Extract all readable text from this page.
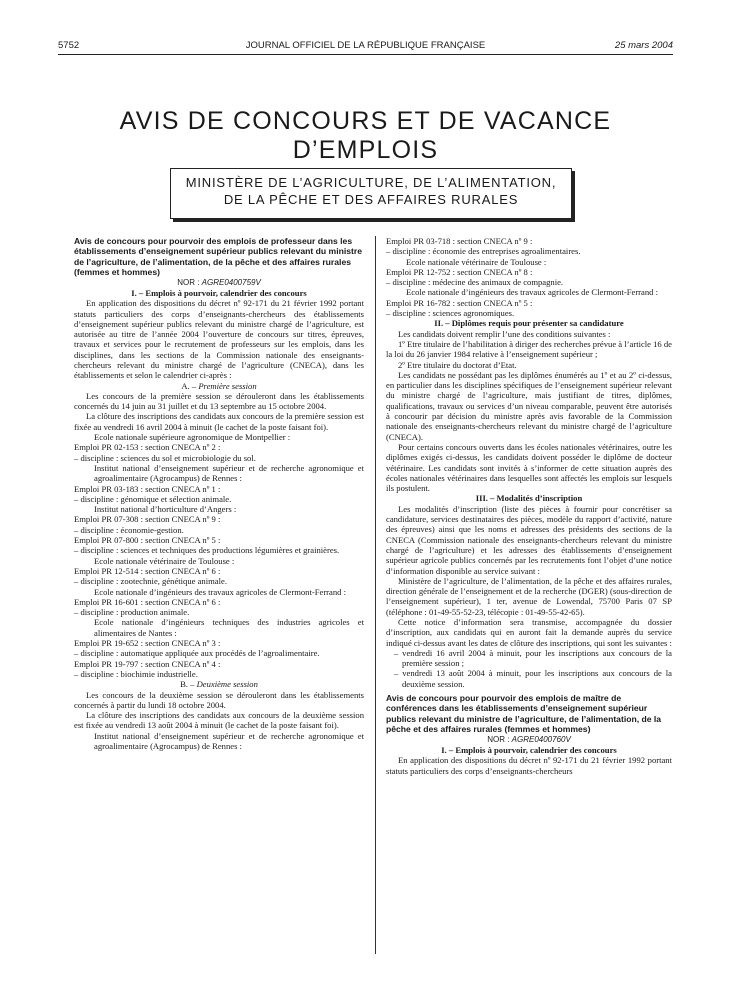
5752	JOURNAL OFFICIEL DE LA RÉPUBLIQUE FRANÇAISE	25 mars 2004
AVIS DE CONCOURS ET DE VACANCE D’EMPLOIS
MINISTÈRE DE L’AGRICULTURE, DE L’ALIMENTATION,
DE LA PÊCHE ET DES AFFAIRES RURALES

Avis de concours pour pourvoir des emplois de professeur dans les établissements d’enseignement supérieur publics relevant du ministre de l’agriculture, de l’alimentation, de la pêche et des affaires rurales (femmes et hommes)

NOR : AGRE0400759V

I. – Emplois à pourvoir, calendrier des concours

En application des dispositions du décret nº 92-171 du 21 février 1992 portant statuts particuliers des corps d’enseignants-chercheurs des établissements d’enseignement supérieur publics relevant du ministre chargé de l’agriculture, est autorisée au titre de l’année 2004 l’ouverture de concours sur titres, épreuves, travaux et services pour le recrutement de professeurs sur les emplois, dans les disciplines, dans les sections de la Commission nationale des enseignants-chercheurs relevant du ministre chargé de l’agriculture (CNECA), dans les établissements et selon le calendrier ci-après :

A. – Première session

Les concours de la première session se dérouleront dans les établissements concernés du 14 juin au 31 juillet et du 13 septembre au 15 octobre 2004.

La clôture des inscriptions des candidats aux concours de la première session est fixée au vendredi 16 avril 2004 à minuit (le cachet de la poste faisant foi).

Ecole nationale supérieure agronomique de Montpellier :

Emploi PR 02-153 : section CNECA nº 2 :

– discipline : sciences du sol et microbiologie du sol.

Institut national d’enseignement supérieur et de recherche agronomique et agroalimentaire (Agrocampus) de Rennes :

Emploi PR 03-183 : section CNECA nº 1 :

– discipline : génomique et sélection animale.

Institut national d’horticulture d’Angers :

Emploi PR 07-308 : section CNECA nº 9 :

– discipline : économie-gestion.

Emploi PR 07-800 : section CNECA nº 5 :

– discipline : sciences et techniques des productions légumières et grainières.

Ecole nationale vétérinaire de Toulouse :

Emploi PR 12-514 : section CNECA nº 6 :

– discipline : zootechnie, génétique animale.

Ecole nationale d’ingénieurs des travaux agricoles de Clermont-Ferrand :

Emploi PR 16-601 : section CNECA nº 6 :

– discipline : production animale.

Ecole nationale d’ingénieurs techniques des industries agricoles et alimentaires de Nantes :

Emploi PR 19-652 : section CNECA nº 3 :

– discipline : automatique appliquée aux procédés de l’agroalimentaire.

Emploi PR 19-797 : section CNECA nº 4 :

– discipline : biochimie industrielle.

B. – Deuxième session

Les concours de la deuxième session se dérouleront dans les établissements concernés à partir du lundi 18 octobre 2004.

La clôture des inscriptions des candidats aux concours de la deuxième session est fixée au vendredi 13 août 2004 à minuit (le cachet de la poste faisant foi).

Institut national d’enseignement supérieur et de recherche agronomique et agroalimentaire (Agrocampus) de Rennes :

Emploi PR 03-718 : section CNECA nº 9 :

– discipline : économie des entreprises agroalimentaires.

Ecole nationale vétérinaire de Toulouse :

Emploi PR 12-752 : section CNECA nº 8 :

– discipline : médecine des animaux de compagnie.

Ecole nationale d’ingénieurs des travaux agricoles de Clermont-Ferrand :

Emploi PR 16-782 : section CNECA nº 5 :

– discipline : sciences agronomiques.

II. – Diplômes requis pour présenter sa candidature

Les candidats doivent remplir l’une des conditions suivantes :

1º Etre titulaire de l’habilitation à diriger des recherches prévue à l’article 16 de la loi du 26 janvier 1984 relative à l’enseignement supérieur ;

2º Etre titulaire du doctorat d’Etat.

Les candidats ne possédant pas les diplômes énumérés au 1º et au 2º ci-dessus, en particulier dans les disciplines spécifiques de l’enseignement supérieur relevant du ministre chargé de l’agriculture, mais justifiant de titres, diplômes, qualifications, travaux ou services d’un niveau comparable, peuvent être autorisés à concourir par décision du ministre après avis favorable de la Commission nationale des enseignants-chercheurs relevant du ministre chargé de l’agriculture (CNECA).

Pour certains concours ouverts dans les écoles nationales vétérinaires, outre les diplômes exigés ci-dessus, les candidats doivent posséder le diplôme de docteur vétérinaire. Les candidats sont invités à s’informer de cette situation auprès des écoles nationales vétérinaires dans lesquelles sont affectés les emplois sur lesquels ils postulent.

III. – Modalités d’inscription

Les modalités d’inscription (liste des pièces à fournir pour concrétiser sa candidature, services destinataires des pièces, modèle du rapport d’activité, nature des épreuves) ainsi que les noms et adresses des présidents des sections de la CNECA (Commission nationale des enseignants-chercheurs relevant du ministre chargé de l’agriculture) et les adresses des établissements d’enseignement supérieur agricole publics concernés par les recrutements font l’objet d’une notice d’information disponible au service suivant :

Ministère de l’agriculture, de l’alimentation, de la pêche et des affaires rurales, direction générale de l’enseignement et de la recherche (DGER) (sous-direction de l’enseignement supérieur), 1 ter, avenue de Lowendal, 75700 Paris 07 SP (téléphone : 01-49-55-52-23, télécopie : 01-49-55-42-65).

Cette notice d’information sera transmise, accompagnée du dossier d’inscription, aux candidats qui en auront fait la demande auprès du service indiqué ci-dessus avant les dates de clôture des inscriptions, qui sont les suivantes :

– vendredi 16 avril 2004 à minuit, pour les inscriptions aux concours de la première session ;

– vendredi 13 août 2004 à minuit, pour les inscriptions aux concours de la deuxième session.

Avis de concours pour pourvoir des emplois de maître de conférences dans les établissements d’enseignement supérieur publics relevant du ministre de l’agriculture, de l’alimentation, de la pêche et des affaires rurales (femmes et hommes)

NOR : AGRE0400760V

I. – Emplois à pourvoir, calendrier des concours

En application des dispositions du décret nº 92-171 du 21 février 1992 portant statuts particuliers des corps d’enseignants-chercheurs
